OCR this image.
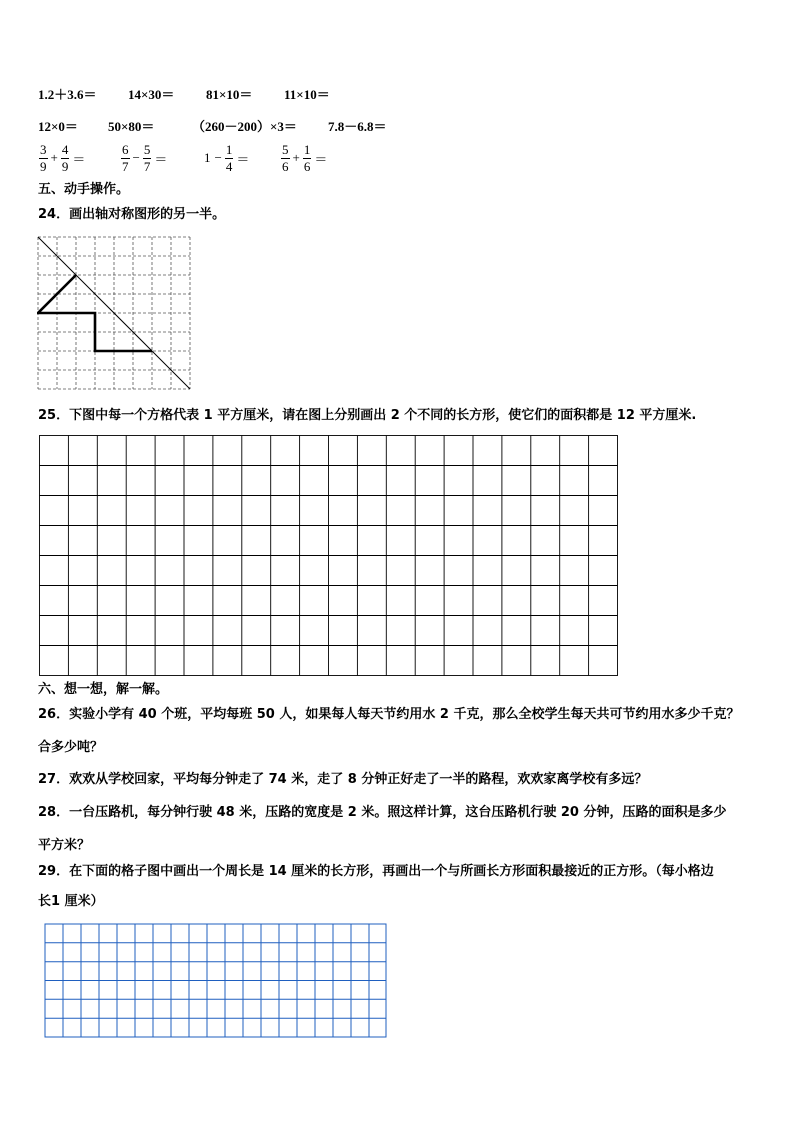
1.2＋3.6＝ 14×30＝ 81×10＝ 11×10＝
12×0＝ 50×80＝	（260－200）×3＝ 7.8－6.8＝
$\frac{3}{9} + \frac{4}{9}$ ＝	$\frac{6}{7} - \frac{5}{7}$ ＝	$1 - \frac{1}{4} = \frac{5}{6} + \frac{1}{6}$ ＝
五、动手操作。
24．画出轴对称图形的另一半。
25．下图中每一个方格代表 1 平方厘米，请在图上分别画出 2 个不同的长方形，使它们的面积都是 12 平方厘米.
六、想一想，解一解。
26．实验小学有 40 个班，平均每班 50 人，如果每人每天节约用水 2 千克，那么全校学生每天共可节约用水多少千克？
合多少吨？
27．欢欢从学校回家，平均每分钟走了 74 米，走了 8 分钟正好走了一半的路程，欢欢家离学校有多远？
28．一台压路机，每分钟行驶 48 米，压路的宽度是 2 米。照这样计算，这台压路机行驶 20 分钟，压路的面积是多少
平方米？
29．在下面的格子图中画出一个周长是 14 厘米的长方形，再画出一个与所画长方形面积最接近的正方形。（每小格边
长1 厘米）
